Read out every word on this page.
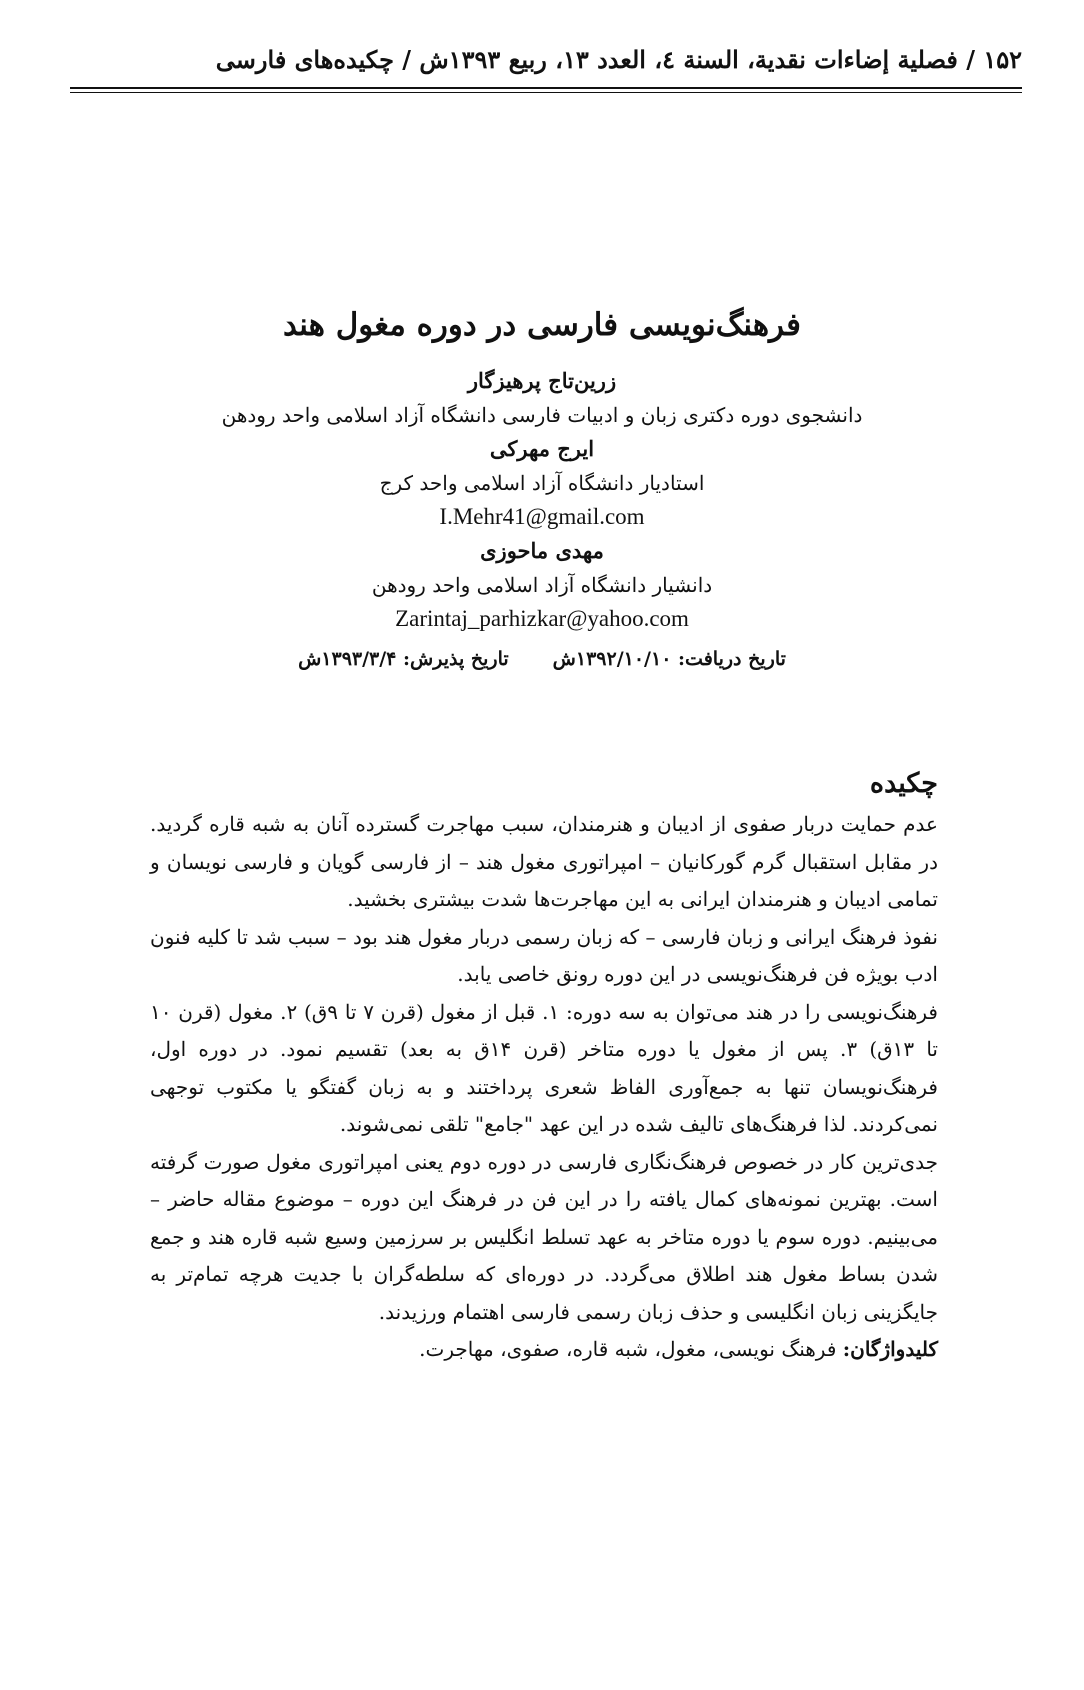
۱۵۲ / فصلیة إضاءات نقدیة، السنة ٤، العدد ۱۳، ربیع ۱۳۹۳ش / چکیده‌های فارسی
فرهنگ‌نویسی فارسی در دوره مغول هند
زرین‌تاج پرهیزگار
دانشجوی دوره دکتری زبان و ادبیات فارسی دانشگاه آزاد اسلامی واحد رودهن
ایرج مهرکی
استادیار دانشگاه آزاد اسلامی واحد کرج
I.Mehr41@gmail.com
مهدی ماحوزی
دانشیار دانشگاه آزاد اسلامی واحد رودهن
Zarintaj_parhizkar@yahoo.com
تاریخ دریافت: ۱۳۹۲/۱۰/۱۰ش
تاریخ پذیرش: ۱۳۹۳/۳/۴ش
چکیده

عدم حمایت دربار صفوی از ادیبان و هنرمندان، سبب مهاجرت گسترده آنان به شبه قاره گردید. در مقابل استقبال گرم گورکانیان – امپراتوری مغول هند – از فارسی گویان و فارسی نویسان و تمامی ادیبان و هنرمندان ایرانی به این مهاجرت‌ها شدت بیشتری بخشید.

نفوذ فرهنگ ایرانی و زبان فارسی – که زبان رسمی دربار مغول هند بود – سبب شد تا کلیه فنون ادب بویژه فن فرهنگ‌نویسی در این دوره رونق خاصی یابد.

فرهنگ‌نویسی را در هند می‌توان به سه دوره: ۱. قبل از مغول (قرن ۷ تا ۹ق) ۲. مغول (قرن ۱۰ تا ۱۳ق) ۳. پس از مغول یا دوره متاخر (قرن ۱۴ق به بعد) تقسیم نمود. در دوره اول، فرهنگ‌نویسان تنها به جمع‌آوری الفاظ شعری پرداختند و به زبان گفتگو یا مکتوب توجهی نمی‌کردند. لذا فرهنگ‌های تالیف شده در این عهد "جامع" تلقی نمی‌شوند.

جدی‌ترین کار در خصوص فرهنگ‌نگاری فارسی در دوره دوم یعنی امپراتوری مغول صورت گرفته است. بهترین نمونه‌های کمال یافته را در این فن در فرهنگ این دوره – موضوع مقاله حاضر – می‌بینیم. دوره سوم یا دوره متاخر به عهد تسلط انگلیس بر سرزمین وسیع شبه قاره هند و جمع شدن بساط مغول هند اطلاق می‌گردد. در دوره‌ای که سلطه‌گران با جدیت هرچه تمام‌تر به جایگزینی زبان انگلیسی و حذف زبان رسمی فارسی اهتمام ورزیدند.

کلیدواژگان: فرهنگ نویسی، مغول، شبه قاره، صفوی، مهاجرت.
